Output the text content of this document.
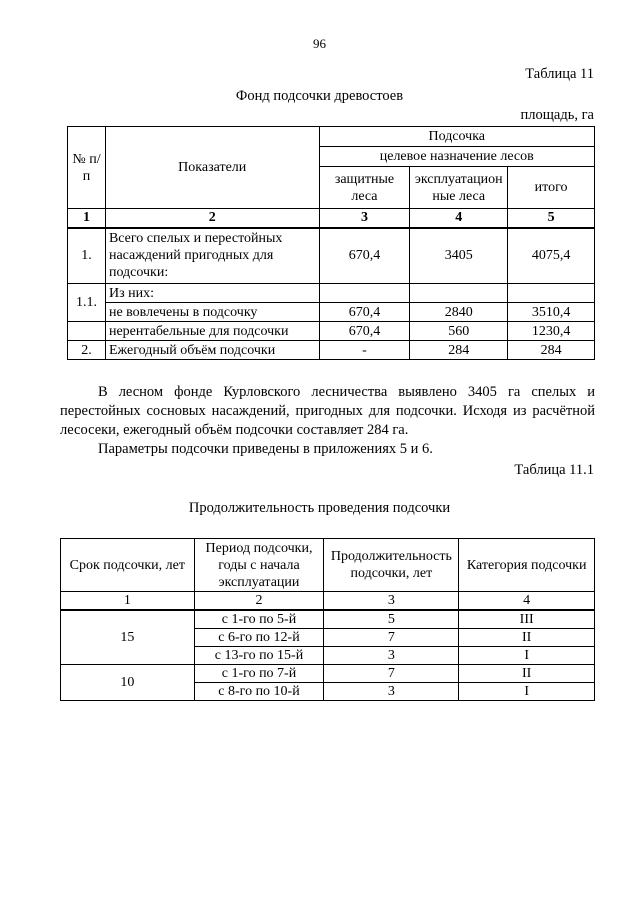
96
Таблица 11
Фонд подсочки древостоев
площадь, га
№ п/п	Показатели	Подсочка		
		целевое назначение лесов		
		защитные леса	эксплуатационные леса	итого
1	2	3	4	5
1.	Всего спелых и перестойных насаждений пригодных для подсочки:	670,4	3405	4075,4
1.1.	Из них:			
	не вовлечены в подсочку	670,4	2840	3510,4
	нерентабельные для подсочки	670,4	560	1230,4
2.	Ежегодный объём подсочки	-	284	284
В лесном фонде Курловского лесничества выявлено 3405 га спелых и перестойных сосновых насаждений, пригодных для подсочки. Исходя из расчётной лесосеки, ежегодный объём подсочки составляет 284 га.
Параметры подсочки приведены в приложениях 5 и 6.
Таблица 11.1
Продолжительность проведения подсочки
Срок подсочки, лет	Период подсочки, годы с начала эксплуатации	Продолжительность подсочки, лет	Категория подсочки
1	2	3	4
15	с 1-го по 5-й	5	III
	с 6-го по 12-й	7	II
	с 13-го по 15-й	3	I
10	с 1-го по 7-й	7	II
	с 8-го по 10-й	3	I
